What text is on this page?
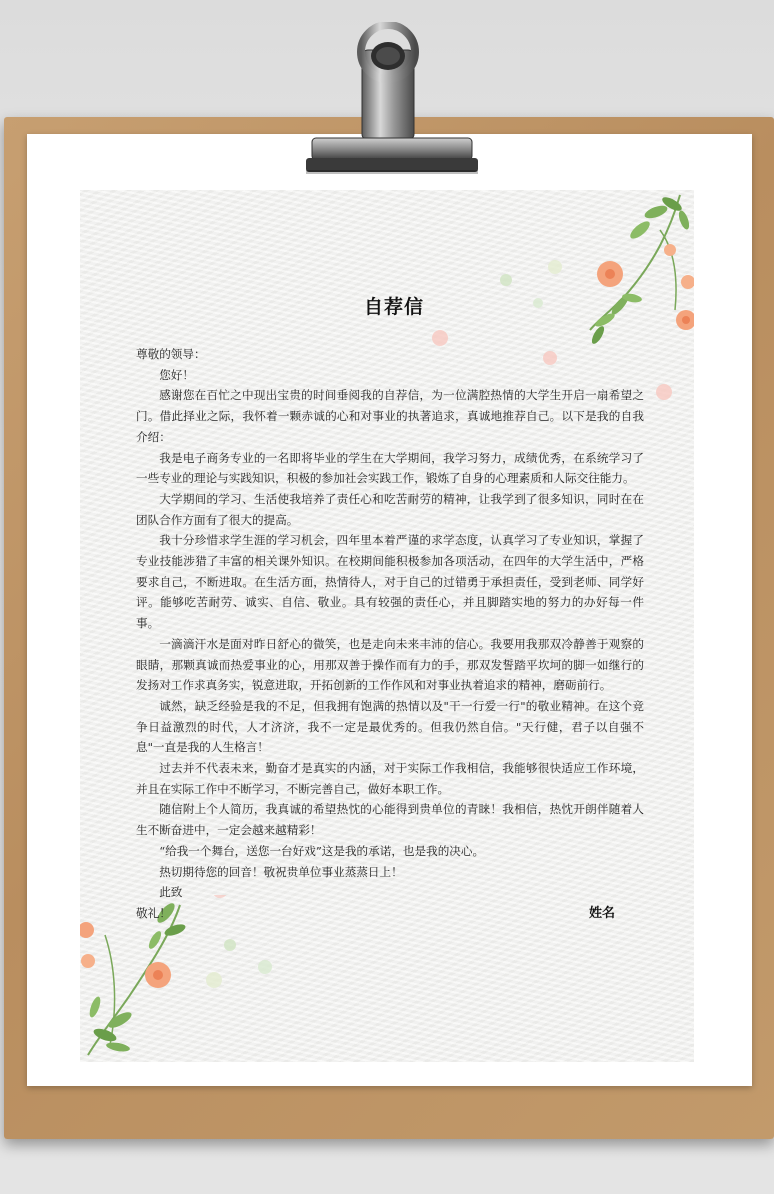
自荐信

尊敬的领导：

您好！

感谢您在百忙之中现出宝贵的时间垂阅我的自荐信，为一位满腔热情的大学生开启一扇希望之门。借此择业之际，我怀着一颗赤诚的心和对事业的执著追求，真诚地推荐自己。以下是我的自我介绍：

我是电子商务专业的一名即将毕业的学生在大学期间，我学习努力，成绩优秀，在系统学习了一些专业的理论与实践知识，积极的参加社会实践工作，锻炼了自身的心理素质和人际交往能力。

大学期间的学习、生活使我培养了责任心和吃苦耐劳的精神，让我学到了很多知识，同时在在团队合作方面有了很大的提高。

我十分珍惜求学生涯的学习机会，四年里本着严谨的求学态度，认真学习了专业知识，掌握了专业技能涉猎了丰富的相关课外知识。在校期间能积极参加各项活动，在四年的大学生活中，严格要求自己，不断进取。在生活方面，热情待人，对于自己的过错勇于承担责任，受到老师、同学好评。能够吃苦耐劳、诚实、自信、敬业。具有较强的责任心，并且脚踏实地的努力的办好每一件事。

一滴滴汗水是面对昨日舒心的微笑，也是走向未来丰沛的信心。我要用我那双冷静善于观察的眼睛，那颗真诚而热爱事业的心，用那双善于操作而有力的手，那双发誓踏平坎坷的脚一如继行的发扬对工作求真务实，锐意进取，开拓创新的工作作风和对事业执着追求的精神，磨砺前行。

诚然，缺乏经验是我的不足，但我拥有饱满的热情以及"干一行爱一行"的敬业精神。在这个竞争日益激烈的时代，人才济济，我不一定是最优秀的。但我仍然自信。"天行健，君子以自强不息"一直是我的人生格言！

过去并不代表未来，勤奋才是真实的内涵，对于实际工作我相信，我能够很快适应工作环境，并且在实际工作中不断学习，不断完善自己，做好本职工作。

随信附上个人简历，我真诚的希望热忱的心能得到贵单位的青睐！我相信，热忱开朗伴随着人生不断奋进中，一定会越来越精彩！

“给我一个舞台，送您一台好戏”这是我的承诺，也是我的决心。

热切期待您的回音！敬祝贵单位事业蒸蒸日上！

此致

敬礼！	姓名
